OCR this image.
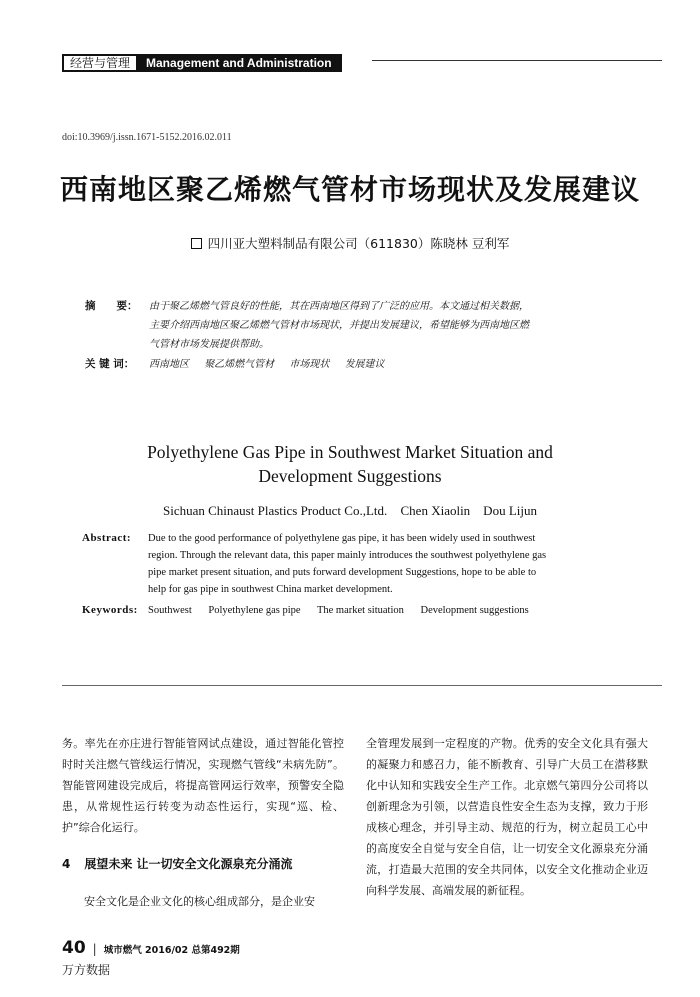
经营与管理	Management and Administration
doi:10.3969/j.issn.1671-5152.2016.02.011
西南地区聚乙烯燃气管材市场现状及发展建议
四川亚大塑料制品有限公司（611830）陈晓林 豆利军
摘　　要：	由于聚乙烯燃气管良好的性能，其在西南地区得到了广泛的应用。本文通过相关数据，
主要介绍西南地区聚乙烯燃气管材市场现状，并提出发展建议，希望能够为西南地区燃
气管材市场发展提供帮助。
关 键 词：	西南地区 聚乙烯燃气管材 市场现状 发展建议
Polyethylene Gas Pipe in Southwest Market Situation and
Development Suggestions
Sichuan Chinaust Plastics Product Co.,Ltd. Chen Xiaolin　Dou Lijun
Abstract:	Due to the good performance of polyethylene gas pipe, it has been widely used in southwest
region. Through the relevant data, this paper mainly introduces the southwest polyethylene gas
pipe market present situation, and puts forward development Suggestions, hope to be able to
help for gas pipe in southwest China market development.
Keywords: Southwest Polyethylene gas pipe The market situation Development suggestions

务。率先在亦庄进行智能管网试点建设，通过智能化管控时时关注燃气管线运行情况，实现燃气管线“未病先防”。智能管网建设完成后，将提高管网运行效率，预警安全隐患，从常规性运行转变为动态性运行，实现“巡、检、护”综合化运行。

4 展望未来 让一切安全文化源泉充分涌流

安全文化是企业文化的核心组成部分，是企业安

全管理发展到一定程度的产物。优秀的安全文化具有强大的凝聚力和感召力，能不断教育、引导广大员工在潜移默化中认知和实践安全生产工作。北京燃气第四分公司将以创新理念为引领，以营造良性安全生态为支撑，致力于形成核心理念，并引导主动、规范的行为，树立起员工心中的高度安全自觉与安全自信，让一切安全文化源泉充分涌流，打造最大范围的安全共同体，以安全文化推动企业迈向科学发展、高端发展的新征程。

40 | 城市燃气 2016/02 总第492期
万方数据
